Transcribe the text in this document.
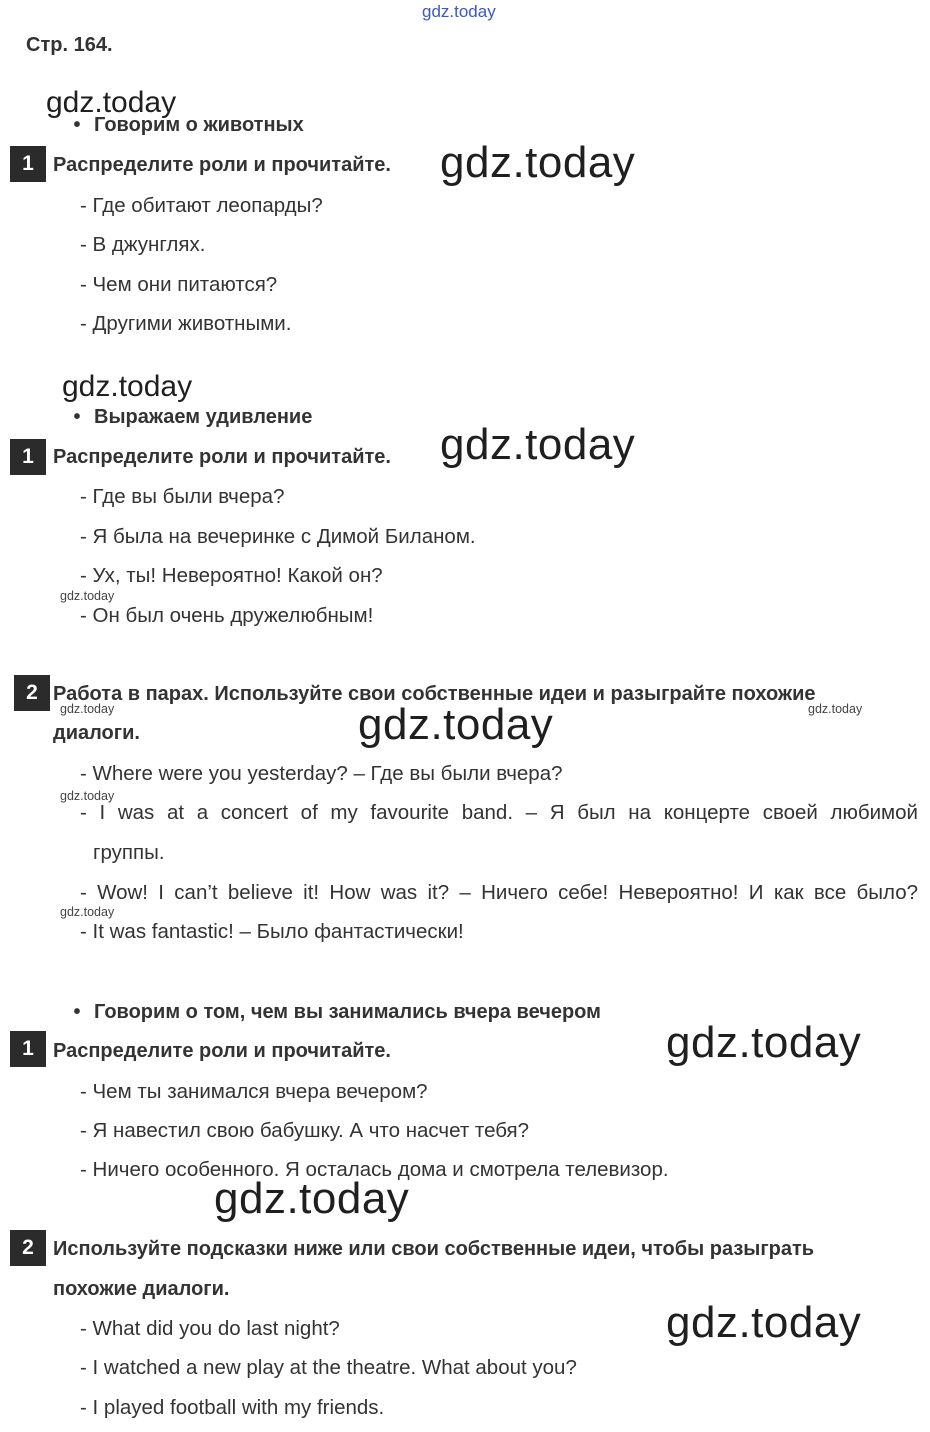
gdz.today
Стр. 164.
gdz.today
• Говорим о животных
1 Распределите роли и прочитайте. gdz.today
- Где обитают леопарды?
- В джунглях.
- Чем они питаются?
- Другими животными.
gdz.today
• Выражаем удивление
1 Распределите роли и прочитайте. gdz.today
- Где вы были вчера?
- Я была на вечеринке с Димой Биланом.
- Ух, ты! Невероятно! Какой он?
gdz.today
- Он был очень дружелюбным!
2 Работа в парах. Используйте свои собственные идеи и разыграйте похожие
gdz.today	gdz.today
диалоги.	gdz.today
- Where were you yesterday? – Где вы были вчера?
gdz.today
- I was at a concert of my favourite band. – Я был на концерте своей любимой
группы.
- Wow! I can’t believe it! How was it? – Ничего себе! Невероятно! И как все было?
gdz.today
- It was fantastic! – Было фантастически!
• Говорим о том, чем вы занимались вчера вечером
1 Распределите роли и прочитайте.	gdz.today
- Чем ты занимался вчера вечером?
- Я навестил свою бабушку. А что насчет тебя?
- Ничего особенного. Я осталась дома и смотрела телевизор.
gdz.today
2 Используйте подсказки ниже или свои собственные идеи, чтобы разыграть
похожие диалоги.
gdz.today
- What did you do last night?
- I watched a new play at the theatre. What about you?
- I played football with my friends.
